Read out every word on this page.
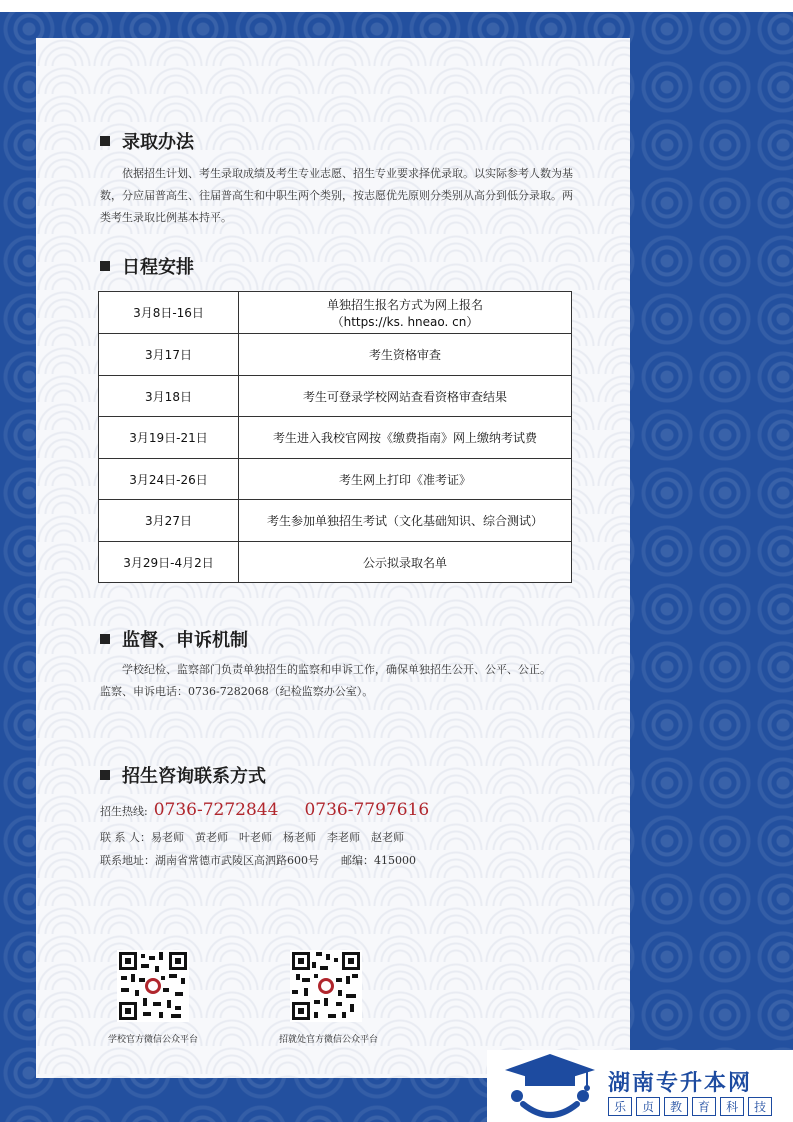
录取办法
依据招生计划、考生录取成绩及考生专业志愿、招生专业要求择优录取。以实际参考人数为基数，分应届普高生、往届普高生和中职生两个类别，按志愿优先原则分类别从高分到低分录取。两类考生录取比例基本持平。
日程安排
3月8日-16日	单独招生报名方式为网上报名
（https://ks. hneao. cn）

3月17日	考生资格审查
3月18日	考生可登录学校网站查看资格审查结果
3月19日-21日	考生进入我校官网按《缴费指南》网上缴纳考试费
3月24日-26日	考生网上打印《准考证》
3月27日	考生参加单独招生考试（文化基础知识、综合测试）
3月29日-4月2日	公示拟录取名单
监督、申诉机制
学校纪检、监察部门负责单独招生的监察和申诉工作，确保单独招生公开、公平、公正。
监察、申诉电话：0736-7282068（纪检监察办公室）。
招生咨询联系方式
招生热线: 0736-7272844 0736-7797616
联 系 人：易老师　黄老师　叶老师　杨老师　李老师　赵老师
联系地址：湖南省常德市武陵区高泗路600号　　邮编：415000
学校官方微信公众平台	招就处官方微信公众平台
湖南专升本网
乐	贞	教	育	科	技
